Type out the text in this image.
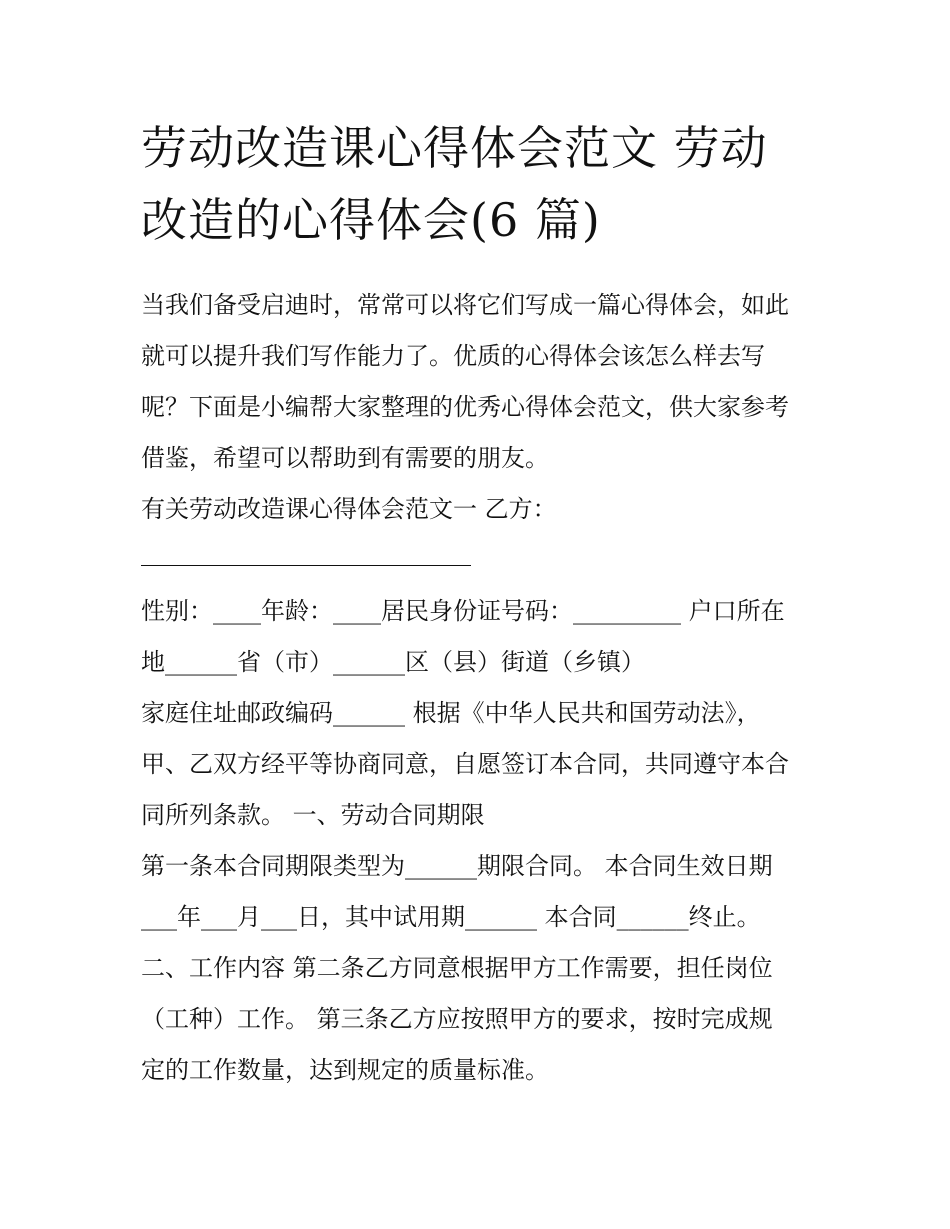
劳动改造课心得体会范文 劳动
改造的心得体会(6 篇)

当我们备受启迪时，常常可以将它们写成一篇心得体会，如此
就可以提升我们写作能力了。优质的心得体会该怎么样去写
呢？下面是小编帮大家整理的优秀心得体会范文，供大家参考
借鉴，希望可以帮助到有需要的朋友。

有关劳动改造课心得体会范文一 乙方：

性别：____年龄：____居民身份证号码：_________ 户口所在
地______省（市）______区（县）街道（乡镇）
家庭住址邮政编码______ 根据《中华人民共和国劳动法》，
甲、乙双方经平等协商同意，自愿签订本合同，共同遵守本合
同所列条款。 一、劳动合同期限
第一条本合同期限类型为______期限合同。 本合同生效日期
___年___月___日，其中试用期______ 本合同______终止。
二、工作内容 第二条乙方同意根据甲方工作需要，担任岗位
（工种）工作。 第三条乙方应按照甲方的要求，按时完成规
定的工作数量，达到规定的质量标准。
